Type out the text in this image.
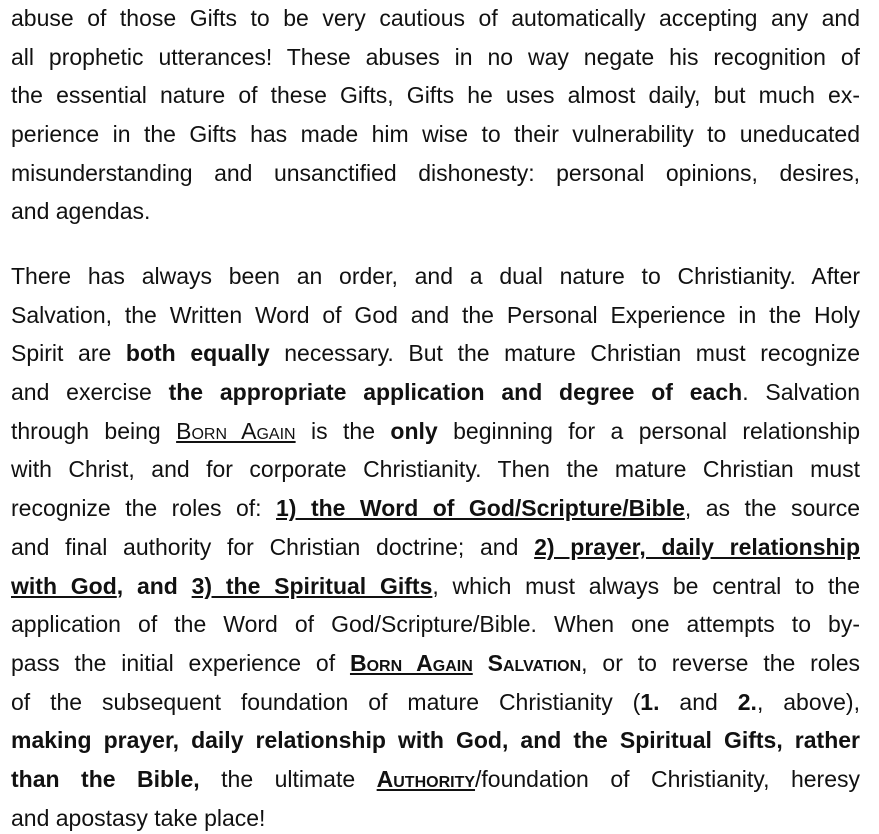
abuse of those Gifts to be very cautious of automatically accepting any and
all prophetic utterances! These abuses in no way negate his recognition of
the essential nature of these Gifts, Gifts he uses almost daily, but much ex-
perience in the Gifts has made him wise to their vulnerability to uneducated
misunderstanding and unsanctified dishonesty: personal opinions, desires,
and agendas.
There has always been an order, and a dual nature to Christianity. After
Salvation, the Written Word of God and the Personal Experience in the Holy
Spirit are both equally necessary. But the mature Christian must recognize
and exercise the appropriate application and degree of each. Salvation
through being Born Again is the only beginning for a personal relationship
with Christ, and for corporate Christianity. Then the mature Christian must
recognize the roles of: 1) the Word of God/Scripture/Bible, as the source
and final authority for Christian doctrine; and 2) prayer, daily relationship
with God, and 3) the Spiritual Gifts, which must always be central to the
application of the Word of God/Scripture/Bible. When one attempts to by-
pass the initial experience of Born Again Salvation, or to reverse the roles
of the subsequent foundation of mature Christianity (1. and 2., above),
making prayer, daily relationship with God, and the Spiritual Gifts, rather
than the Bible, the ultimate Authority/foundation of Christianity, heresy
and apostasy take place!
